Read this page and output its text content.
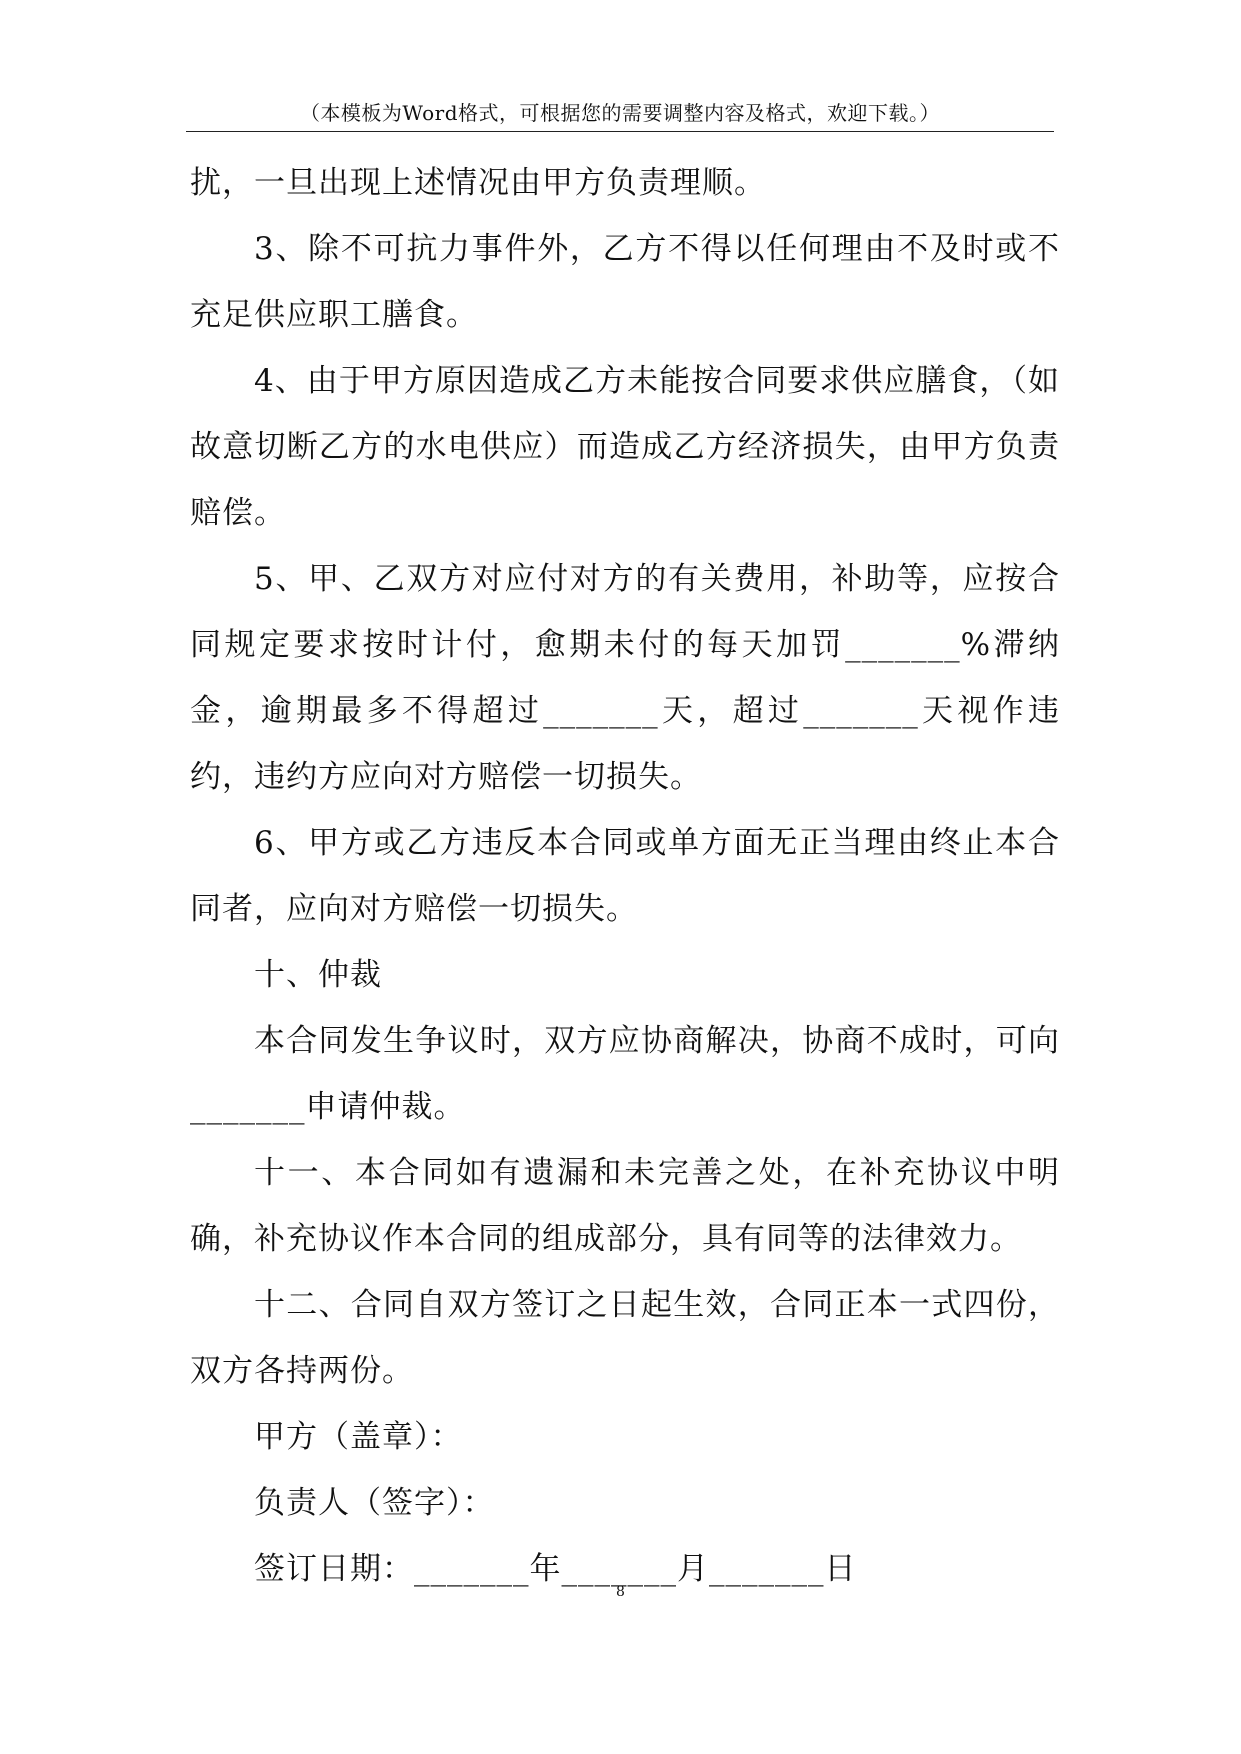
（本模板为Word格式，可根据您的需要调整内容及格式，欢迎下载。）

扰，一旦出现上述情况由甲方负责理顺。

3、除不可抗力事件外，乙方不得以任何理由不及时或不充足供应职工膳食。

4、由于甲方原因造成乙方未能按合同要求供应膳食，（如故意切断乙方的水电供应）而造成乙方经济损失，由甲方负责赔偿。

5、甲、乙双方对应付对方的有关费用，补助等，应按合同规定要求按时计付，愈期未付的每天加罚_______%滞纳金，逾期最多不得超过_______天，超过_______天视作违约，违约方应向对方赔偿一切损失。

6、甲方或乙方违反本合同或单方面无正当理由终止本合同者，应向对方赔偿一切损失。

十、仲裁

本合同发生争议时，双方应协商解决，协商不成时，可向_______申请仲裁。

十一、本合同如有遗漏和未完善之处，在补充协议中明确，补充协议作本合同的组成部分，具有同等的法律效力。

十二、合同自双方签订之日起生效，合同正本一式四份，双方各持两份。

甲方（盖章）：

负责人（签字）：

签订日期：_______年_______月_______日

8
